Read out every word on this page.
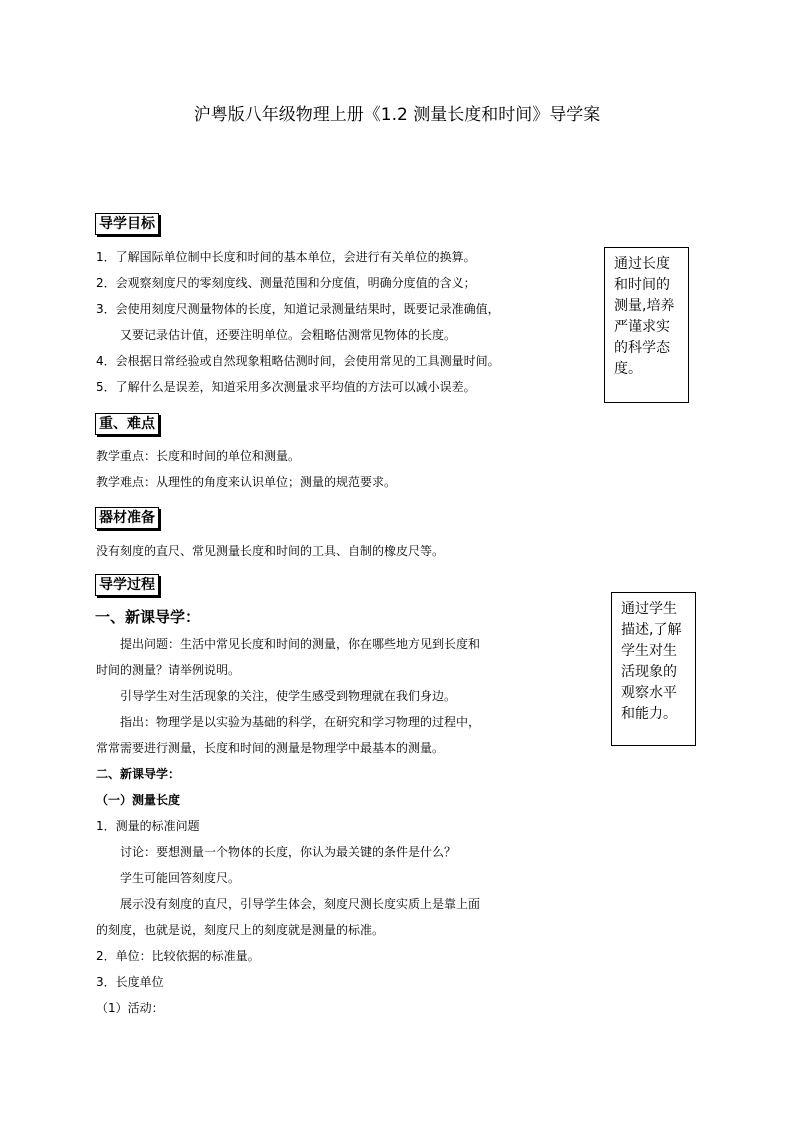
沪粤版八年级物理上册《1.2 测量长度和时间》导学案
导学目标
1．了解国际单位制中长度和时间的基本单位，会进行有关单位的换算。
2．会观察刻度尺的零刻度线、测量范围和分度值，明确分度值的含义；
3．会使用刻度尺测量物体的长度，知道记录测量结果时，既要记录准确值，
　　又要记录估计值，还要注明单位。会粗略估测常见物体的长度。
4．会根据日常经验或自然现象粗略估测时间，会使用常见的工具测量时间。
5．了解什么是误差，知道采用多次测量求平均值的方法可以减小误差。
通过长度
和时间的
测量,培养
严谨求实
的科学态
度。
重、难点
教学重点：长度和时间的单位和测量。
教学难点：从理性的角度来认识单位；测量的规范要求。
器材准备
没有刻度的直尺、常见测量长度和时间的工具、自制的橡皮尺等。
导学过程
一、新课导学：
　　提出问题：生活中常见长度和时间的测量，你在哪些地方见到长度和
时间的测量？请举例说明。
　　引导学生对生活现象的关注，使学生感受到物理就在我们身边。
　　指出：物理学是以实验为基础的科学，在研究和学习物理的过程中，
常常需要进行测量，长度和时间的测量是物理学中最基本的测量。
通过学生
描述,了解
学生对生
活现象的
观察水平
和能力。
二、新课导学：
（一）测量长度
1．测量的标准问题
　　讨论：要想测量一个物体的长度，你认为最关键的条件是什么？
　　学生可能回答刻度尺。
　　展示没有刻度的直尺，引导学生体会，刻度尺测长度实质上是靠上面
的刻度，也就是说，刻度尺上的刻度就是测量的标准。
2．单位：比较依据的标准量。
3．长度单位
（1）活动：
